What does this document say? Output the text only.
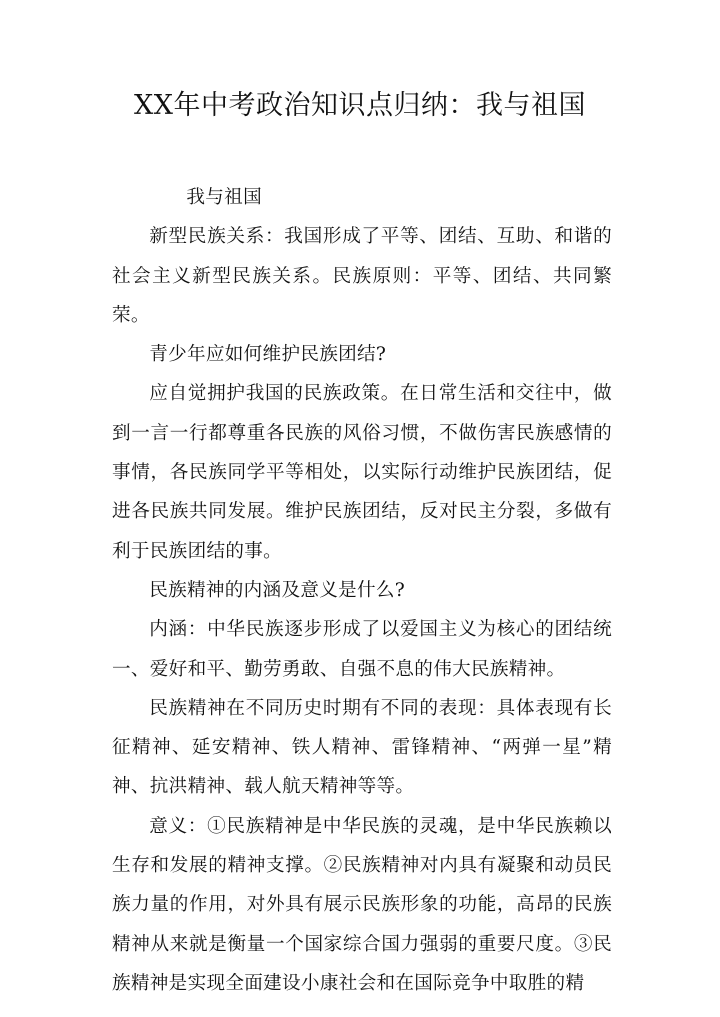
XX年中考政治知识点归纳：我与祖国

我与祖国

新型民族关系：我国形成了平等、团结、互助、和谐的社会主义新型民族关系。民族原则：平等、团结、共同繁荣。

青少年应如何维护民族团结?

应自觉拥护我国的民族政策。在日常生活和交往中，做到一言一行都尊重各民族的风俗习惯，不做伤害民族感情的事情，各民族同学平等相处，以实际行动维护民族团结，促进各民族共同发展。维护民族团结，反对民主分裂，多做有利于民族团结的事。

民族精神的内涵及意义是什么?

内涵：中华民族逐步形成了以爱国主义为核心的团结统一、爱好和平、勤劳勇敢、自强不息的伟大民族精神。

民族精神在不同历史时期有不同的表现：具体表现有长征精神、延安精神、铁人精神、雷锋精神、“两弹一星”精神、抗洪精神、载人航天精神等等。

意义：①民族精神是中华民族的灵魂，是中华民族赖以生存和发展的精神支撑。②民族精神对内具有凝聚和动员民族力量的作用，对外具有展示民族形象的功能，高昂的民族精神从来就是衡量一个国家综合国力强弱的重要尺度。③民族精神是实现全面建设小康社会和在国际竞争中取胜的精
